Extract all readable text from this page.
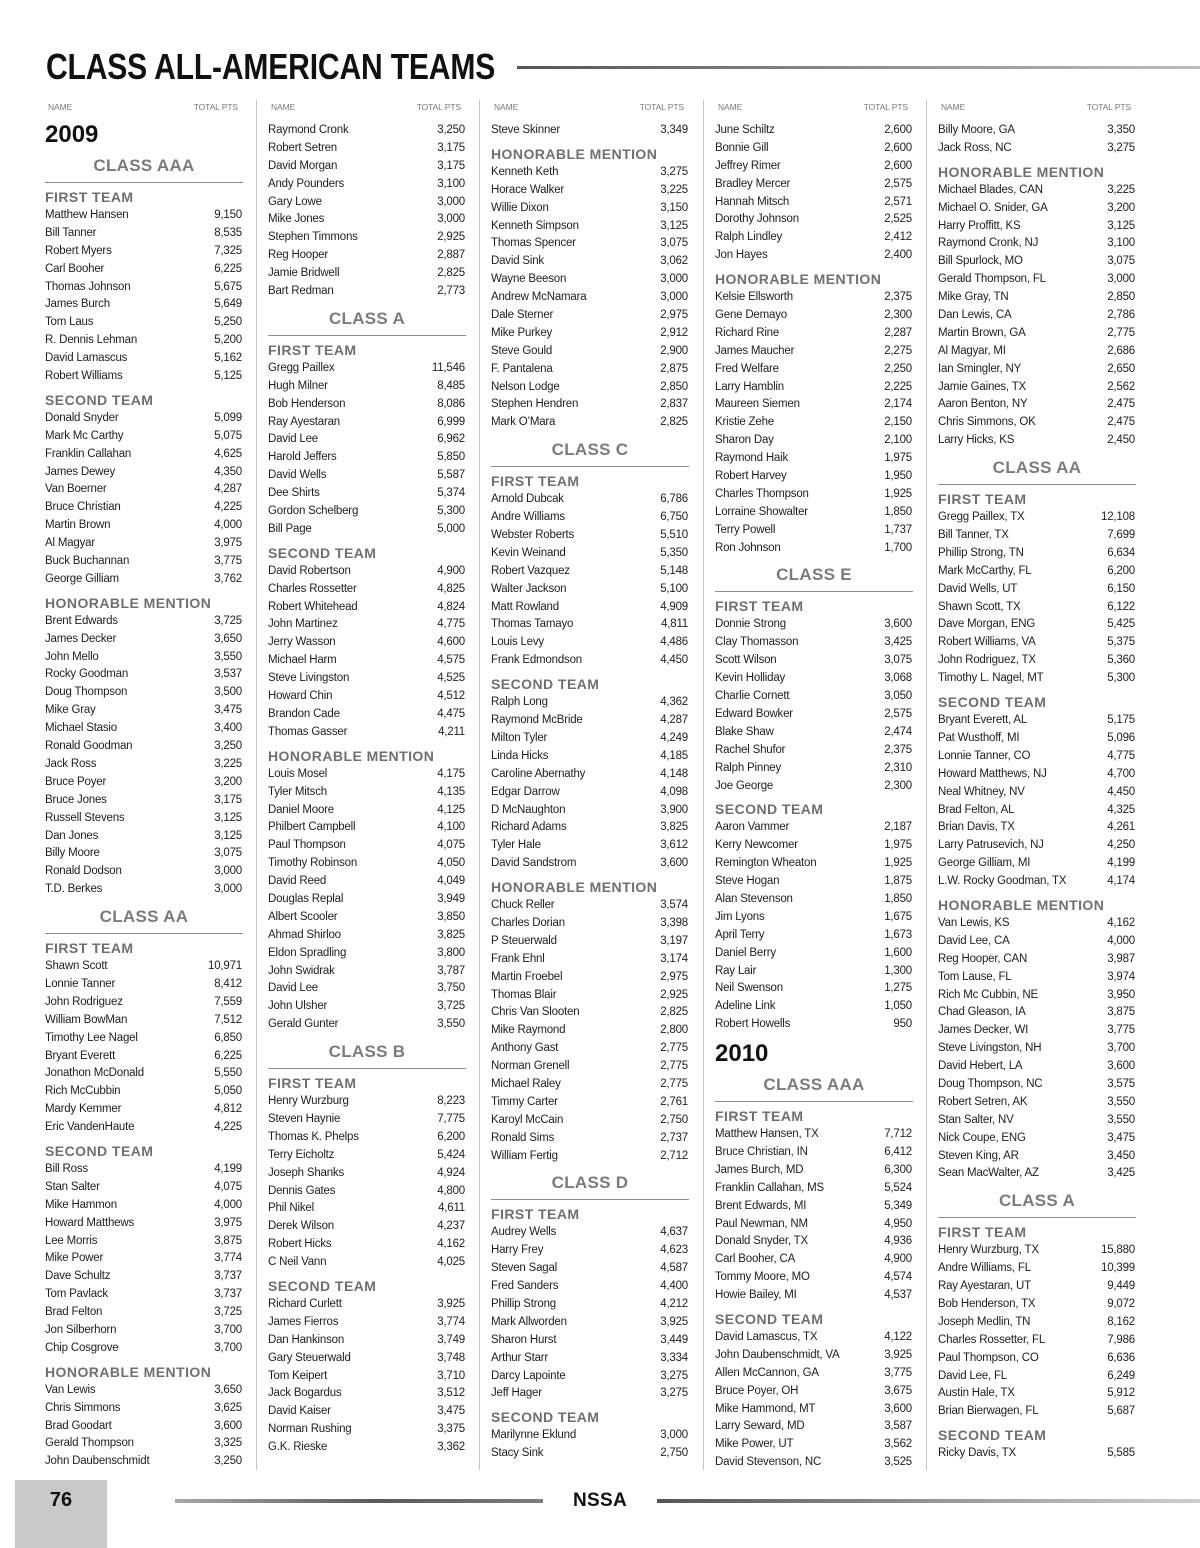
CLASS ALL-AMERICAN TEAMS
NAME	TOTAL PTS
2009
CLASS AAA
FIRST TEAM
Matthew Hansen	9,150
Bill Tanner	8,535
Robert Myers	7,325
Carl Booher	6,225
Thomas Johnson	5,675
James Burch	5,649
Tom Laus	5,250
R. Dennis Lehman	5,200
David Lamascus	5,162
Robert Williams	5,125
SECOND TEAM
Donald Snyder	5,099
Mark Mc Carthy	5,075
Franklin Callahan	4,625
James Dewey	4,350
Van Boerner	4,287
Bruce Christian	4,225
Martin Brown	4,000
Al Magyar	3,975
Buck Buchannan	3,775
George Gilliam	3,762
HONORABLE MENTION
Brent Edwards	3,725
James Decker	3,650
John Mello	3,550
Rocky Goodman	3,537
Doug Thompson	3,500
Mike Gray	3,475
Michael Stasio	3,400
Ronald Goodman	3,250
Jack Ross	3,225
Bruce Poyer	3,200
Bruce Jones	3,175
Russell Stevens	3,125
Dan Jones	3,125
Billy Moore	3,075
Ronald Dodson	3,000
T.D. Berkes	3,000
CLASS AA
FIRST TEAM
Shawn Scott	10,971
Lonnie Tanner	8,412
John Rodriguez	7,559
William BowMan	7,512
Timothy Lee Nagel	6,850
Bryant Everett	6,225
Jonathon McDonald	5,550
Rich McCubbin	5,050
Mardy Kemmer	4,812
Eric VandenHaute	4,225
SECOND TEAM
Bill Ross	4,199
Stan Salter	4,075
Mike Hammon	4,000
Howard Matthews	3,975
Lee Morris	3,875
Mike Power	3,774
Dave Schultz	3,737
Tom Pavlack	3,737
Brad Felton	3,725
Jon Silberhorn	3,700
Chip Cosgrove	3,700
HONORABLE MENTION
Van Lewis	3,650
Chris Simmons	3,625
Brad Goodart	3,600
Gerald Thompson	3,325
John Daubenschmidt	3,250
NAME	TOTAL PTS
Raymond Cronk	3,250
Robert Setren	3,175
David Morgan	3,175
Andy Pounders	3,100
Gary Lowe	3,000
Mike Jones	3,000
Stephen Timmons	2,925
Reg Hooper	2,887
Jamie Bridwell	2,825
Bart Redman	2,773
CLASS A
FIRST TEAM
Gregg Paillex	11,546
Hugh Milner	8,485
Bob Henderson	8,086
Ray Ayestaran	6,999
David Lee	6,962
Harold Jeffers	5,850
David Wells	5,587
Dee Shirts	5,374
Gordon Schelberg	5,300
Bill Page	5,000
SECOND TEAM
David Robertson	4,900
Charles Rossetter	4,825
Robert Whitehead	4,824
John Martinez	4,775
Jerry Wasson	4,600
Michael Harm	4,575
Steve Livingston	4,525
Howard Chin	4,512
Brandon Cade	4,475
Thomas Gasser	4,211
HONORABLE MENTION
Louis Mosel	4,175
Tyler Mitsch	4,135
Daniel Moore	4,125
Philbert Campbell	4,100
Paul Thompson	4,075
Timothy Robinson	4,050
David Reed	4,049
Douglas Replal	3,949
Albert Scooler	3,850
Ahmad Shirloo	3,825
Eldon Spradling	3,800
John Swidrak	3,787
David Lee	3,750
John Ulsher	3,725
Gerald Gunter	3,550
CLASS B
FIRST TEAM
Henry Wurzburg	8,223
Steven Haynie	7,775
Thomas K. Phelps	6,200
Terry Eicholtz	5,424
Joseph Shanks	4,924
Dennis Gates	4,800
Phil Nikel	4,611
Derek Wilson	4,237
Robert Hicks	4,162
C Neil Vann	4,025
SECOND TEAM
Richard Curlett	3,925
James Fierros	3,774
Dan Hankinson	3,749
Gary Steuerwald	3,748
Tom Keipert	3,710
Jack Bogardus	3,512
David Kaiser	3,475
Norman Rushing	3,375
G.K. Rieske	3,362
NAME	TOTAL PTS
Steve Skinner	3,349
HONORABLE MENTION
Kenneth Keth	3,275
Horace Walker	3,225
Willie Dixon	3,150
Kenneth Simpson	3,125
Thomas Spencer	3,075
David Sink	3,062
Wayne Beeson	3,000
Andrew McNamara	3,000
Dale Sterner	2,975
Mike Purkey	2,912
Steve Gould	2,900
F. Pantalena	2,875
Nelson Lodge	2,850
Stephen Hendren	2,837
Mark O’Mara	2,825
CLASS C
FIRST TEAM
Arnold Dubcak	6,786
Andre Williams	6,750
Webster Roberts	5,510
Kevin Weinand	5,350
Robert Vazquez	5,148
Walter Jackson	5,100
Matt Rowland	4,909
Thomas Tamayo	4,811
Louis Levy	4,486
Frank Edmondson	4,450
SECOND TEAM
Ralph Long	4,362
Raymond McBride	4,287
Milton Tyler	4,249
Linda Hicks	4,185
Caroline Abernathy	4,148
Edgar Darrow	4,098
D McNaughton	3,900
Richard Adams	3,825
Tyler Hale	3,612
David Sandstrom	3,600
HONORABLE MENTION
Chuck Reller	3,574
Charles Dorian	3,398
P Steuerwald	3,197
Frank Ehnl	3,174
Martin Froebel	2,975
Thomas Blair	2,925
Chris Van Slooten	2,825
Mike Raymond	2,800
Anthony Gast	2,775
Norman Grenell	2,775
Michael Raley	2,775
Timmy Carter	2,761
Karoyl McCain	2,750
Ronald Sims	2,737
William Fertig	2,712
CLASS D
FIRST TEAM
Audrey Wells	4,637
Harry Frey	4,623
Steven Sagal	4,587
Fred Sanders	4,400
Phillip Strong	4,212
Mark Allworden	3,925
Sharon Hurst	3,449
Arthur Starr	3,334
Darcy Lapointe	3,275
Jeff Hager	3,275
SECOND TEAM
Marilynne Eklund	3,000
Stacy Sink	2,750
NAME	TOTAL PTS
June Schiltz	2,600
Bonnie Gill	2,600
Jeffrey Rimer	2,600
Bradley Mercer	2,575
Hannah Mitsch	2,571
Dorothy Johnson	2,525
Ralph Lindley	2,412
Jon Hayes	2,400
HONORABLE MENTION
Kelsie Ellsworth	2,375
Gene Demayo	2,300
Richard Rine	2,287
James Maucher	2,275
Fred Welfare	2,250
Larry Hamblin	2,225
Maureen Siemen	2,174
Kristie Zehe	2,150
Sharon Day	2,100
Raymond Haik	1,975
Robert Harvey	1,950
Charles Thompson	1,925
Lorraine Showalter	1,850
Terry Powell	1,737
Ron Johnson	1,700
CLASS E
FIRST TEAM
Donnie Strong	3,600
Clay Thomasson	3,425
Scott Wilson	3,075
Kevin Holliday	3,068
Charlie Cornett	3,050
Edward Bowker	2,575
Blake Shaw	2,474
Rachel Shufor	2,375
Ralph Pinney	2,310
Joe George	2,300
SECOND TEAM
Aaron Vammer	2,187
Kerry Newcomer	1,975
Remington Wheaton	1,925
Steve Hogan	1,875
Alan Stevenson	1,850
Jim Lyons	1,675
April Terry	1,673
Daniel Berry	1,600
Ray Lair	1,300
Neil Swenson	1,275
Adeline Link	1,050
Robert Howells	950
2010
CLASS AAA
FIRST TEAM
Matthew Hansen, TX	7,712
Bruce Christian, IN	6,412
James Burch, MD	6,300
Franklin Callahan, MS	5,524
Brent Edwards, MI	5,349
Paul Newman, NM	4,950
Donald Snyder, TX	4,936
Carl Booher, CA	4,900
Tommy Moore, MO	4,574
Howie Bailey, MI	4,537
SECOND TEAM
David Lamascus, TX	4,122
John Daubenschmidt, VA	3,925
Allen McCannon, GA	3,775
Bruce Poyer, OH	3,675
Mike Hammond, MT	3,600
Larry Seward, MD	3,587
Mike Power, UT	3,562
David Stevenson, NC	3,525
NAME	TOTAL PTS
Billy Moore, GA	3,350
Jack Ross, NC	3,275
HONORABLE MENTION
Michael Blades, CAN	3,225
Michael O. Snider, GA	3,200
Harry Proffitt, KS	3,125
Raymond Cronk, NJ	3,100
Bill Spurlock, MO	3,075
Gerald Thompson, FL	3,000
Mike Gray, TN	2,850
Dan Lewis, CA	2,786
Martin Brown, GA	2,775
Al Magyar, MI	2,686
Ian Smingler, NY	2,650
Jamie Gaines, TX	2,562
Aaron Benton, NY	2,475
Chris Simmons, OK	2,475
Larry Hicks, KS	2,450
CLASS AA
FIRST TEAM
Gregg Paillex, TX	12,108
Bill Tanner, TX	7,699
Phillip Strong, TN	6,634
Mark McCarthy, FL	6,200
David Wells, UT	6,150
Shawn Scott, TX	6,122
Dave Morgan, ENG	5,425
Robert Williams, VA	5,375
John Rodriguez, TX	5,360
Timothy L. Nagel, MT	5,300
SECOND TEAM
Bryant Everett, AL	5,175
Pat Wusthoff, MI	5,096
Lonnie Tanner, CO	4,775
Howard Matthews, NJ	4,700
Neal Whitney, NV	4,450
Brad Felton, AL	4,325
Brian Davis, TX	4,261
Larry Patrusevich, NJ	4,250
George Gilliam, MI	4,199
L.W. Rocky Goodman, TX	4,174
HONORABLE MENTION
Van Lewis, KS	4,162
David Lee, CA	4,000
Reg Hooper, CAN	3,987
Tom Lause, FL	3,974
Rich Mc Cubbin, NE	3,950
Chad Gleason, IA	3,875
James Decker, WI	3,775
Steve Livingston, NH	3,700
David Hebert, LA	3,600
Doug Thompson, NC	3,575
Robert Setren, AK	3,550
Stan Salter, NV	3,550
Nick Coupe, ENG	3,475
Steven King, AR	3,450
Sean MacWalter, AZ	3,425
CLASS A
FIRST TEAM
Henry Wurzburg, TX	15,880
Andre Williams, FL	10,399
Ray Ayestaran, UT	9,449
Bob Henderson, TX	9,072
Joseph Medlin, TN	8,162
Charles Rossetter, FL	7,986
Paul Thompson, CO	6,636
David Lee, FL	6,249
Austin Hale, TX	5,912
Brian Bierwagen, FL	5,687
SECOND TEAM
Ricky Davis, TX	5,585
76	NSSA
